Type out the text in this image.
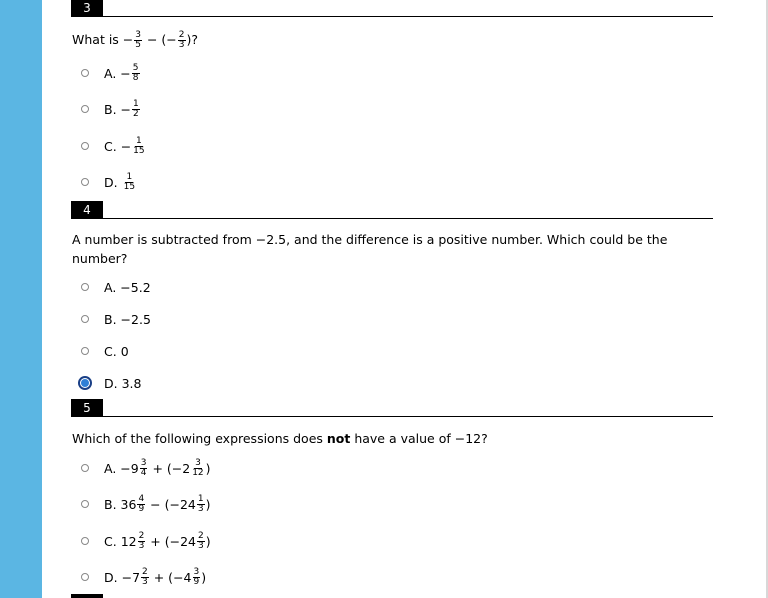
3
What is − $\frac{3}{5}$ − (− $\frac{2}{3}$ )?
A.
− $\frac{5}{8}$
B.
− $\frac{1}{2}$
C.
− $\frac{1}{15}$
D.
1
15
4
A number is subtracted from −2.5, and the difference is a positive number. Which could be the number?
A.
−5.2
B.
−2.5
C.
0
D.
3.8
5
Which of the following expressions does not have a value of −12?
A.
−9 3
4 + (−2 3
12 )
B.
36 4
9 − (−24 1
3 )
C.
12 2
3 + (−24 2
3 )
D.
−7 2
3 + (−4 3
9 )
